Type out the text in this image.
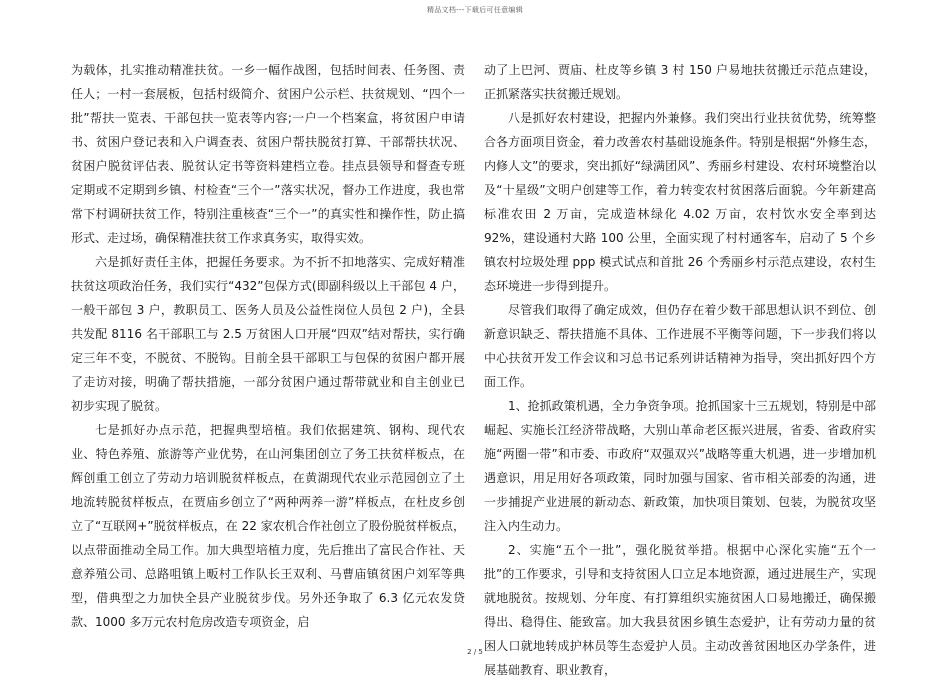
精品文档---下载后可任意编辑

为载体，扎实推动精准扶贫。一乡一幅作战图，包括时间表、任务图、责任人；一村一套展板，包括村级简介、贫困户公示栏、扶贫规划、“四个一批”帮扶一览表、干部包扶一览表等内容;一户一个档案盒，将贫困户申请书、贫困户登记表和入户调查表、贫困户帮扶脱贫打算、干部帮扶状况、贫困户脱贫评估表、脱贫认定书等资料建档立卷。挂点县领导和督查专班定期或不定期到乡镇、村检查“三个一”落实状况，督办工作进度，我也常常下村调研扶贫工作，特别注重核查“三个一”的真实性和操作性，防止搞形式、走过场，确保精准扶贫工作求真务实，取得实效。

六是抓好责任主体，把握任务要求。为不折不扣地落实、完成好精准扶贫这项政治任务，我们实行“432”包保方式(即副科级以上干部包 4 户，一般干部包 3 户，教职员工、医务人员及公益性岗位人员包 2 户)，全县共发配 8116 名干部职工与 2.5 万贫困人口开展“四双”结对帮扶，实行确定三年不变，不脱贫、不脱钩。目前全县干部职工与包保的贫困户都开展了走访对接，明确了帮扶措施，一部分贫困户通过帮带就业和自主创业已初步实现了脱贫。

七是抓好办点示范，把握典型培植。我们依据建筑、钢构、现代农业、特色养殖、旅游等产业优势，在山河集团创立了务工扶贫样板点，在辉创重工创立了劳动力培训脱贫样板点，在黄湖现代农业示范园创立了土地流转脱贫样板点，在贾庙乡创立了“两种两养一游”样板点，在杜皮乡创立了“互联网+”脱贫样板点，在 22 家农机合作社创立了股份脱贫样板点，以点带面推动全局工作。加大典型培植力度，先后推出了富民合作社、天意养殖公司、总路咀镇上畈村工作队长王双利、马曹庙镇贫困户刘军等典型，借典型之力加快全县产业脱贫步伐。另外还争取了 6.3 亿元农发贷款、1000 多万元农村危房改造专项资金，启

动了上巴河、贾庙、杜皮等乡镇 3 村 150 户易地扶贫搬迁示范点建设，正抓紧落实扶贫搬迁规划。

八是抓好农村建设，把握内外兼修。我们突出行业扶贫优势，统筹整合各方面项目资金，着力改善农村基础设施条件。特别是根据“外修生态，内修人文”的要求，突出抓好“绿满团风”、秀丽乡村建设、农村环境整治以及“十星级”文明户创建等工作，着力转变农村贫困落后面貌。今年新建高标准农田 2 万亩，完成造林绿化 4.02 万亩，农村饮水安全率到达 92%，建设通村大路 100 公里，全面实现了村村通客车，启动了 5 个乡镇农村垃圾处理 ppp 模式试点和首批 26 个秀丽乡村示范点建设，农村生态环境进一步得到提升。

尽管我们取得了确定成效，但仍存在着少数干部思想认识不到位、创新意识缺乏、帮扶措施不具体、工作进展不平衡等问题，下一步我们将以中心扶贫开发工作会议和习总书记系列讲话精神为指导，突出抓好四个方面工作。

1、抢抓政策机遇，全力争资争项。抢抓国家十三五规划，特别是中部崛起、实施长江经济带战略，大别山革命老区振兴进展，省委、省政府实施“两圈一带”和市委、市政府“双强双兴”战略等重大机遇，进一步增加机遇意识，用足用好各项政策，同时加强与国家、省市相关部委的沟通，进一步捕捉产业进展的新动态、新政策，加快项目策划、包装，为脱贫攻坚注入内生动力。

2、实施“五个一批”，强化脱贫举措。根据中心深化实施“五个一批”的工作要求，引导和支持贫困人口立足本地资源，通过进展生产，实现就地脱贫。按规划、分年度、有打算组织实施贫困人口易地搬迁，确保搬得出、稳得住、能致富。加大我县贫困乡镇生态爱护，让有劳动力量的贫困人口就地转成护林员等生态爱护人员。主动改善贫困地区办学条件，进展基础教育、职业教育，

2 / 5
